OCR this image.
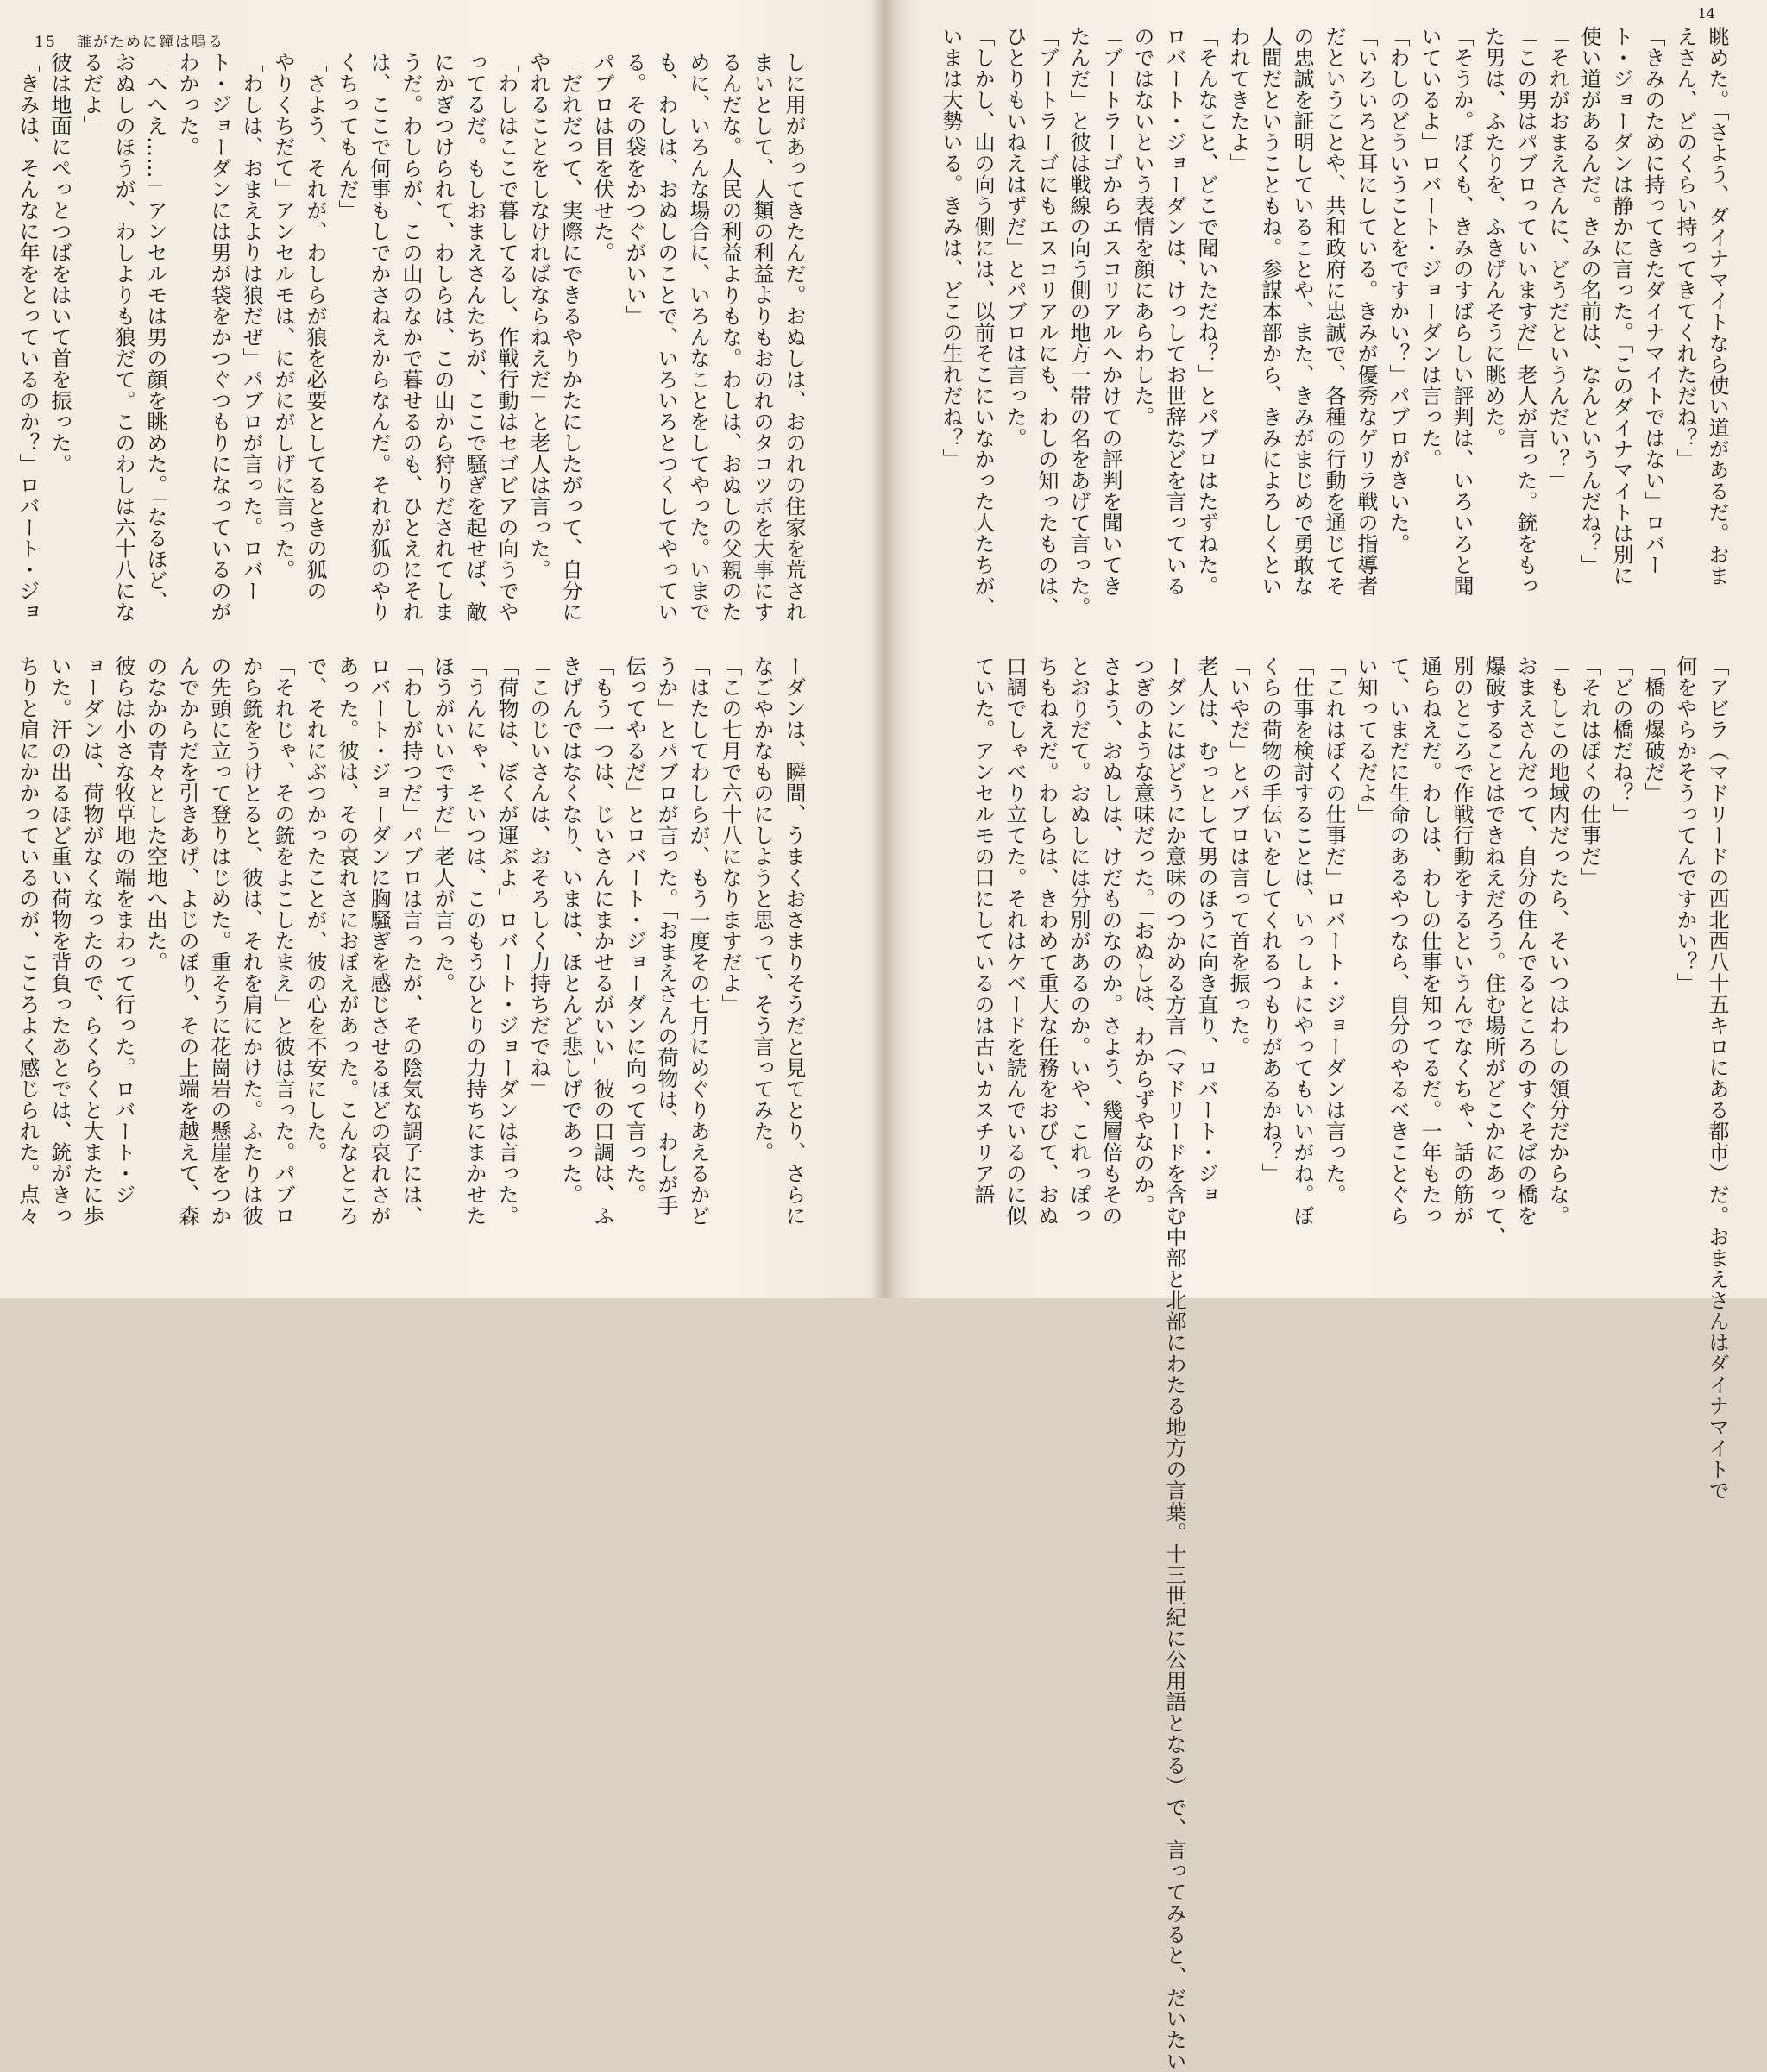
15 誰がために鐘は鳴る
しに用があってきたんだ。おぬしは、おのれの住家を荒され
まいとして、人類の利益よりもおのれのタコツボを大事にす
るんだな。人民の利益よりもな。わしは、おぬしの父親のた
めに、いろんな場合に、いろんなことをしてやった。いまで
も、わしは、おぬしのことで、いろいろとつくしてやってい
る。その袋をかつぐがいい」
パブロは目を伏せた。
「だれだって、実際にできるやりかたにしたがって、自分に
やれることをしなければならねえだ」と老人は言った。
「わしはここで暮してるし、作戦行動はセゴビアの向うでや
ってるだ。もしおまえさんたちが、ここで騒ぎを起せば、敵
にかぎつけられて、わしらは、この山から狩りだされてしま
うだ。わしらが、この山のなかで暮せるのも、ひとえにそれ
は、ここで何事もしでかさねえからなんだ。それが狐のやり
くちってもんだ」
「さよう、それが、わしらが狼を必要としてるときの狐の
やりくちだて」アンセルモは、にがにがしげに言った。
「わしは、おまえよりは狼だぜ」パブロが言った。ロバー
ト・ジョーダンには男が袋をかつぐつもりになっているのが
わかった。
「へへえ……」アンセルモは男の顔を眺めた。「なるほど、
おぬしのほうが、わしよりも狼だて。このわしは六十八にな
るだよ」
彼は地面にぺっとつばをはいて首を振った。
「きみは、そんなに年をとっているのか？」ロバート・ジョ
ーダンは、瞬間、うまくおさまりそうだと見てとり、さらに
なごやかなものにしようと思って、そう言ってみた。
「この七月で六十八になりますだよ」
「はたしてわしらが、もう一度その七月にめぐりあえるかど
うか」とパブロが言った。「おまえさんの荷物は、わしが手
伝ってやるだ」とロバート・ジョーダンに向って言った。
「もう一つは、じいさんにまかせるがいい」彼の口調は、ふ
きげんではなくなり、いまは、ほとんど悲しげであった。
「このじいさんは、おそろしく力持ちだでね」
「荷物は、ぼくが運ぶよ」ロバート・ジョーダンは言った。
「うんにゃ、そいつは、このもうひとりの力持ちにまかせた
ほうがいいですだ」老人が言った。
「わしが持つだ」パブロは言ったが、その陰気な調子には、
ロバート・ジョーダンに胸騒ぎを感じさせるほどの哀れさが
あった。彼は、その哀れさにおぼえがあった。こんなところ
で、それにぶつかったことが、彼の心を不安にした。
「それじゃ、その銃をよこしたまえ」と彼は言った。パブロ
から銃をうけとると、彼は、それを肩にかけた。ふたりは彼
の先頭に立って登りはじめた。重そうに花崗岩の懸崖をつか
んでからだを引きあげ、よじのぼり、その上端を越えて、森
のなかの青々とした空地へ出た。
彼らは小さな牧草地の端をまわって行った。ロバート・ジ
ョーダンは、荷物がなくなったので、らくらくと大またに歩
いた。汗の出るほど重い荷物を背負ったあとでは、銃がきっ
ちりと肩にかかっているのが、こころよく感じられた。点々
14
眺めた。「さよう、ダイナマイトなら使い道があるだ。おま
えさん、どのくらい持ってきてくれただね？」
「きみのために持ってきたダイナマイトではない」ロバー
ト・ジョーダンは静かに言った。「このダイナマイトは別に
使い道があるんだ。きみの名前は、なんというんだね？」
「それがおまえさんに、どうだというんだい？」
「この男はパブロっていいますだ」老人が言った。銃をもっ
た男は、ふたりを、ふきげんそうに眺めた。
「そうか。ぼくも、きみのすばらしい評判は、いろいろと聞
いているよ」ロバート・ジョーダンは言った。
「わしのどういうことをですかい？」パブロがきいた。
「いろいろと耳にしている。きみが優秀なゲリラ戦の指導者
だということや、共和政府に忠誠で、各種の行動を通じてそ
の忠誠を証明していることや、また、きみがまじめで勇敢な
人間だということもね。参謀本部から、きみによろしくとい
われてきたよ」
「そんなこと、どこで聞いただね？」とパブロはたずねた。
ロバート・ジョーダンは、けっしてお世辞などを言っている
のではないという表情を顔にあらわした。
「ブートラーゴからエスコリアルへかけての評判を聞いてき
たんだ」と彼は戦線の向う側の地方一帯の名をあげて言った。
「ブートラーゴにもエスコリアルにも、わしの知ったものは、
ひとりもいねえはずだ」とパブロは言った。
「しかし、山の向う側には、以前そこにいなかった人たちが、
いまは大勢いる。きみは、どこの生れだね？」
「アビラ（マドリードの西北西八十五キロにある都市）だ。おまえさんはダイナマイトで
何をやらかそうってんですかい？」
「橋の爆破だ」
「どの橋だね？」
「それはぼくの仕事だ」
「もしこの地域内だったら、そいつはわしの領分だからな。
おまえさんだって、自分の住んでるところのすぐそばの橋を
爆破することはできねえだろう。住む場所がどこかにあって、
別のところで作戦行動をするというんでなくちゃ、話の筋が
通らねえだ。わしは、わしの仕事を知ってるだ。一年もたっ
て、いまだに生命のあるやつなら、自分のやるべきことぐら
い知ってるだよ」
「これはぼくの仕事だ」ロバート・ジョーダンは言った。
「仕事を検討することは、いっしょにやってもいいがね。ぼ
くらの荷物の手伝いをしてくれるつもりがあるかね？」
「いやだ」とパブロは言って首を振った。
老人は、むっとして男のほうに向き直り、ロバート・ジョ
ーダンにはどうにか意味のつかめる方言（マドリードを含む中部と北部にわたる地方の言葉。十三世紀に公用語となる）で、言ってみると、だいたい
つぎのような意味だった。「おぬしは、わからずやなのか。
さよう、おぬしは、けだものなのか。さよう、幾層倍もその
とおりだて。おぬしには分別があるのか。いや、これっぽっ
ちもねえだ。わしらは、きわめて重大な任務をおびて、おぬ
口調でしゃべり立てた。それはケベードを読んでいるのに似
ていた。アンセルモの口にしているのは古いカスチリア語
